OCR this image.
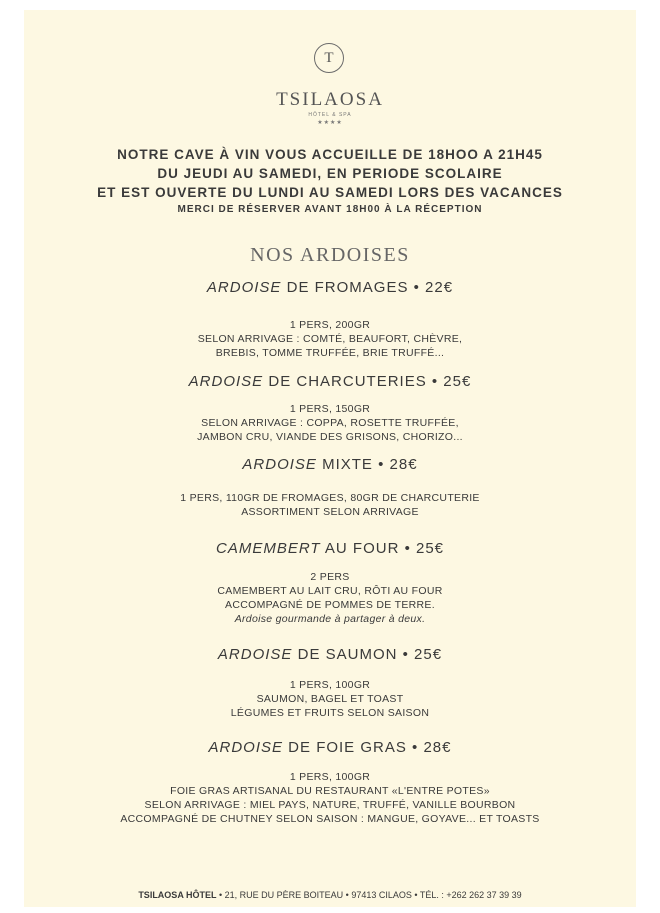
T
TSILAOSA
HÔTEL & SPA
★★★★
NOTRE CAVE À VIN VOUS ACCUEILLE DE 18HOO A 21H45
DU JEUDI AU SAMEDI, EN PERIODE SCOLAIRE
ET EST OUVERTE DU LUNDI AU SAMEDI LORS DES VACANCES
MERCI DE RÉSERVER AVANT 18H00 À LA RÉCEPTION
NOS ARDOISES
ARDOISE DE FROMAGES • 22€
1 PERS, 200GR
SELON ARRIVAGE : COMTÉ, BEAUFORT, CHÈVRE,
BREBIS, TOMME TRUFFÉE, BRIE TRUFFÉ...
ARDOISE DE CHARCUTERIES • 25€
1 PERS, 150GR
SELON ARRIVAGE : COPPA, ROSETTE TRUFFÉE,
JAMBON CRU, VIANDE DES GRISONS, CHORIZO...
ARDOISE MIXTE • 28€
1 PERS, 110GR DE FROMAGES, 80GR DE CHARCUTERIE
ASSORTIMENT SELON ARRIVAGE
CAMEMBERT AU FOUR • 25€
2 PERS
CAMEMBERT AU LAIT CRU, RÔTI AU FOUR
ACCOMPAGNÉ DE POMMES DE TERRE.
Ardoise gourmande à partager à deux.
ARDOISE DE SAUMON • 25€
1 PERS, 100GR
SAUMON, BAGEL ET TOAST
LÉGUMES ET FRUITS SELON SAISON
ARDOISE DE FOIE GRAS • 28€
1 PERS, 100GR
FOIE GRAS ARTISANAL DU RESTAURANT «L'ENTRE POTES»
SELON ARRIVAGE : MIEL PAYS, NATURE, TRUFFÉ, VANILLE BOURBON
ACCOMPAGNÉ DE CHUTNEY SELON SAISON : MANGUE, GOYAVE... ET TOASTS
TSILAOSA HÔTEL • 21, RUE DU PÈRE BOITEAU • 97413 CILAOS • TÉL. : +262 262 37 39 39
